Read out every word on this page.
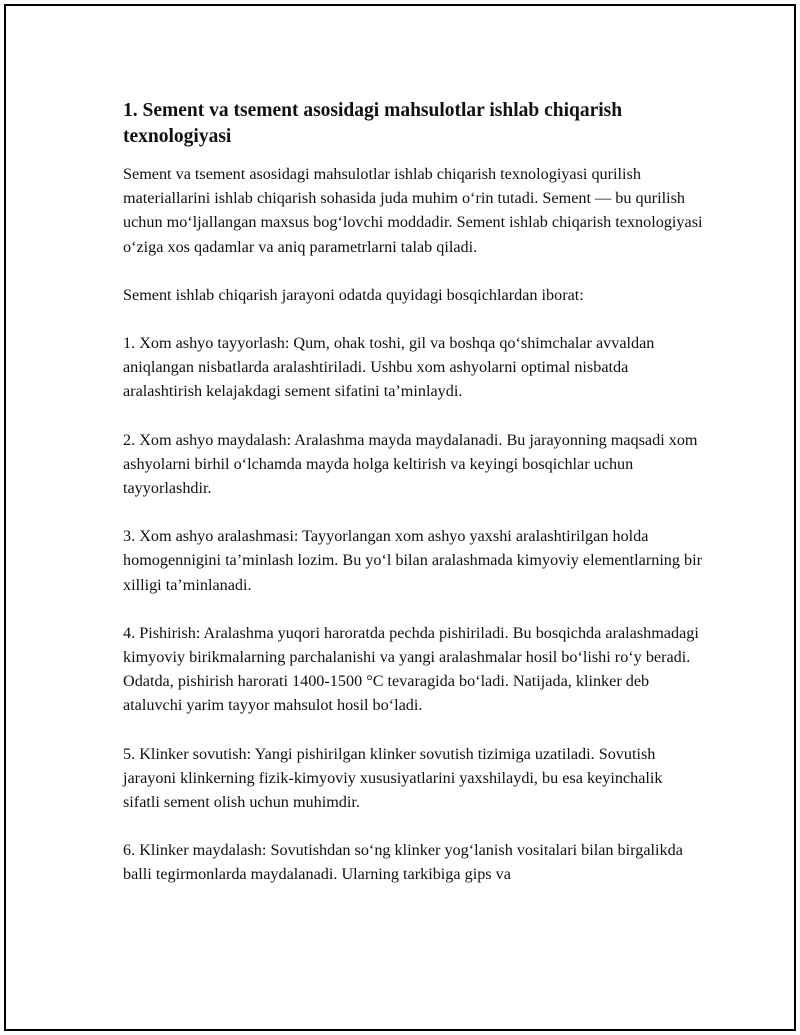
1. Sement va tsement asosidagi mahsulotlar ishlab chiqarish texnologiyasi

Sement va tsement asosidagi mahsulotlar ishlab chiqarish texnologiyasi qurilish materiallarini ishlab chiqarish sohasida juda muhim o‘rin tutadi. Sement — bu qurilish uchun mo‘ljallangan maxsus bog‘lovchi moddadir. Sement ishlab chiqarish texnologiyasi o‘ziga xos qadamlar va aniq parametrlarni talab qiladi.

Sement ishlab chiqarish jarayoni odatda quyidagi bosqichlardan iborat:

1. Xom ashyo tayyorlash: Qum, ohak toshi, gil va boshqa qo‘shimchalar avvaldan aniqlangan nisbatlarda aralashtiriladi. Ushbu xom ashyolarni optimal nisbatda aralashtirish kelajakdagi sement sifatini ta’minlaydi.

2. Xom ashyo maydalash: Aralashma mayda maydalanadi. Bu jarayonning maqsadi xom ashyolarni birhil o‘lchamda mayda holga keltirish va keyingi bosqichlar uchun tayyorlashdir.

3. Xom ashyo aralashmasi: Tayyorlangan xom ashyo yaxshi aralashtirilgan holda homogennigini ta’minlash lozim. Bu yo‘l bilan aralashmada kimyoviy elementlarning bir xilligi ta’minlanadi.

4. Pishirish: Aralashma yuqori haroratda pechda pishiriladi. Bu bosqichda aralashmadagi kimyoviy birikmalarning parchalanishi va yangi aralashmalar hosil bo‘lishi ro‘y beradi. Odatda, pishirish harorati 1400-1500 °C tevaragida bo‘ladi. Natijada, klinker deb ataluvchi yarim tayyor mahsulot hosil bo‘ladi.

5. Klinker sovutish: Yangi pishirilgan klinker sovutish tizimiga uzatiladi. Sovutish jarayoni klinkerning fizik-kimyoviy xususiyatlarini yaxshilaydi, bu esa keyinchalik sifatli sement olish uchun muhimdir.

6. Klinker maydalash: Sovutishdan so‘ng klinker yog‘lanish vositalari bilan birgalikda balli tegirmonlarda maydalanadi. Ularning tarkibiga gips va
